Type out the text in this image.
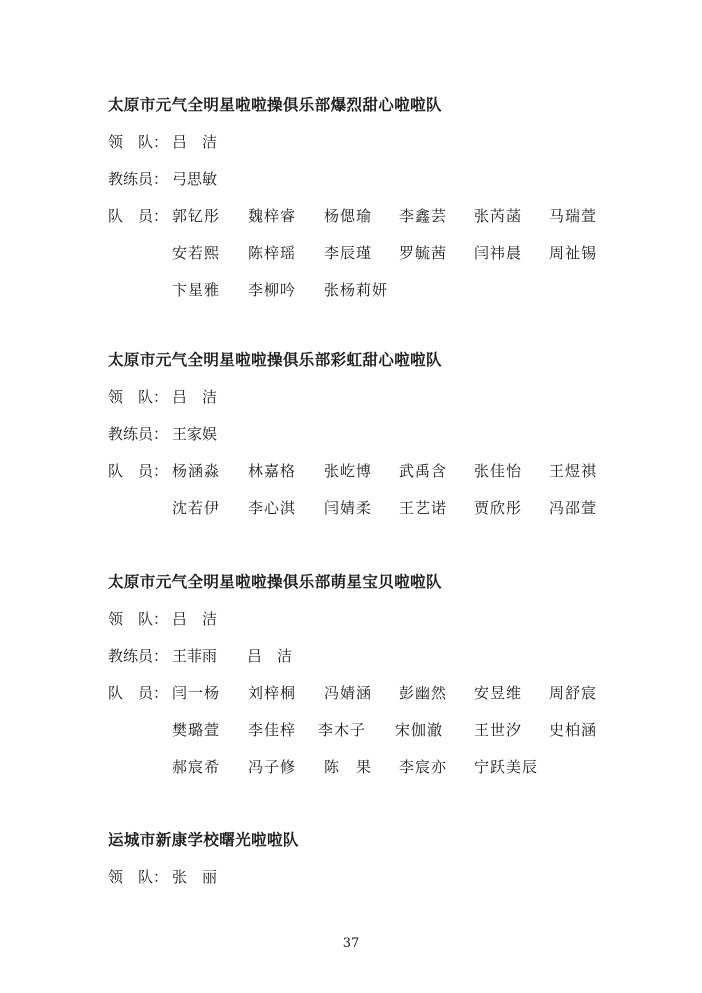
太原市元气全明星啦啦操俱乐部爆烈甜心啦啦队
领 队： 吕　洁
教练员： 弓思敏
队 员： 郭钇彤 魏梓睿 杨偲瑜 李鑫芸 张芮菡 马瑞萱
安若熙 陈梓瑶 李辰瑾 罗毓茜 闫祎晨 周祉锡
卞星雅 李柳吟 张杨莉妍
太原市元气全明星啦啦操俱乐部彩虹甜心啦啦队
领 队： 吕　洁
教练员： 王家娱
队 员： 杨涵淼 林嘉格 张屹博 武禹含 张佳怡 王煜祺
沈若伊 李心淇 闫婧柔 王艺诺 贾欣彤 冯邵萱
太原市元气全明星啦啦操俱乐部萌星宝贝啦啦队
领 队： 吕　洁
教练员： 王菲雨　　吕　洁
队 员： 闫一杨 刘梓桐 冯婧涵 彭幽然 安昱维 周舒宸
樊璐萱 李佳梓 李木子 宋伽澈 王世汐 史柏涵
郝宸希 冯子修 陈　果 李宸亦 宁跃美辰
运城市新康学校曙光啦啦队
领 队： 张　丽
37
